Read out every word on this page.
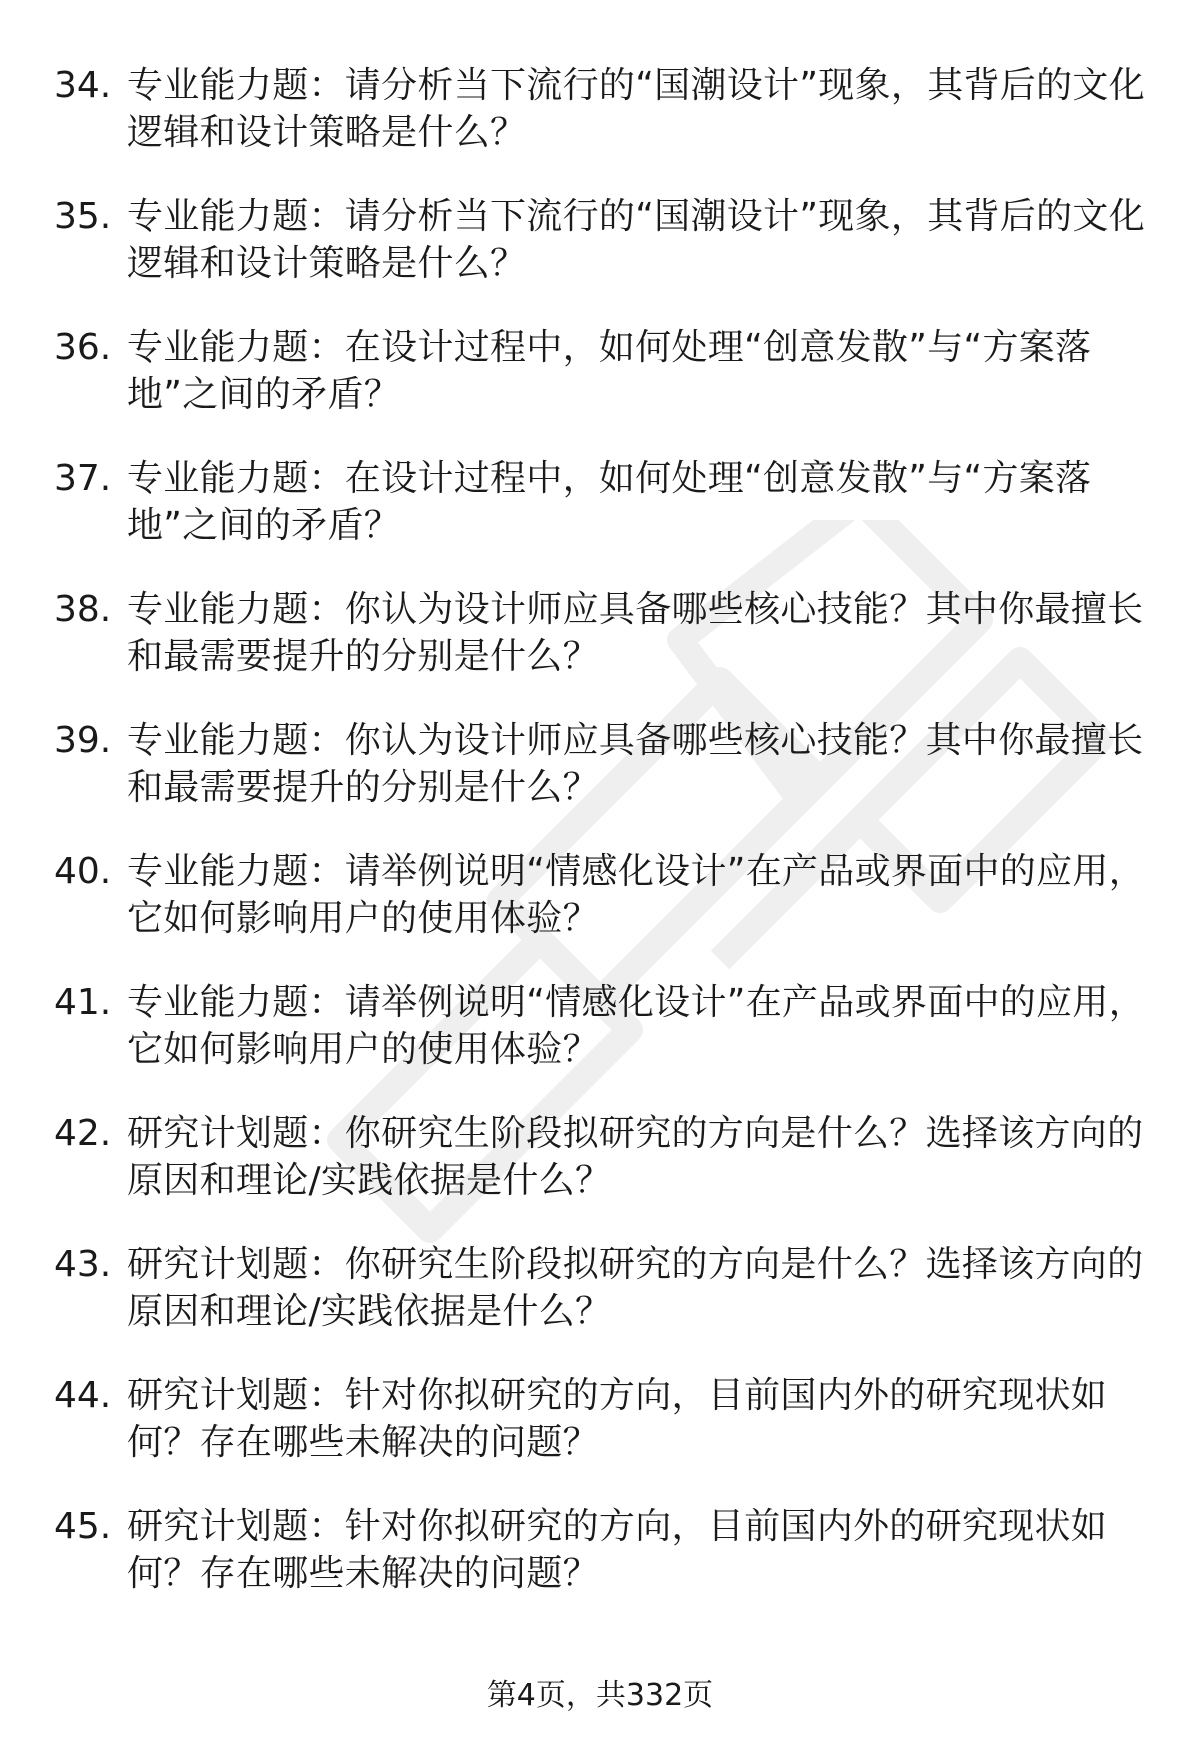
34. 专业能力题：请分析当下流行的“国潮设计”现象，其背后的文化逻辑和设计策略是什么？
35. 专业能力题：请分析当下流行的“国潮设计”现象，其背后的文化逻辑和设计策略是什么？
36. 专业能力题：在设计过程中，如何处理“创意发散”与“方案落地”之间的矛盾？
37. 专业能力题：在设计过程中，如何处理“创意发散”与“方案落地”之间的矛盾？
38. 专业能力题：你认为设计师应具备哪些核心技能？其中你最擅长和最需要提升的分别是什么？
39. 专业能力题：你认为设计师应具备哪些核心技能？其中你最擅长和最需要提升的分别是什么？
40. 专业能力题：请举例说明“情感化设计”在产品或界面中的应用，它如何影响用户的使用体验？
41. 专业能力题：请举例说明“情感化设计”在产品或界面中的应用，它如何影响用户的使用体验？
42. 研究计划题：你研究生阶段拟研究的方向是什么？选择该方向的原因和理论/实践依据是什么？
43. 研究计划题：你研究生阶段拟研究的方向是什么？选择该方向的原因和理论/实践依据是什么？
44. 研究计划题：针对你拟研究的方向，目前国内外的研究现状如何？存在哪些未解决的问题？
45. 研究计划题：针对你拟研究的方向，目前国内外的研究现状如何？存在哪些未解决的问题？
第4页，共332页
